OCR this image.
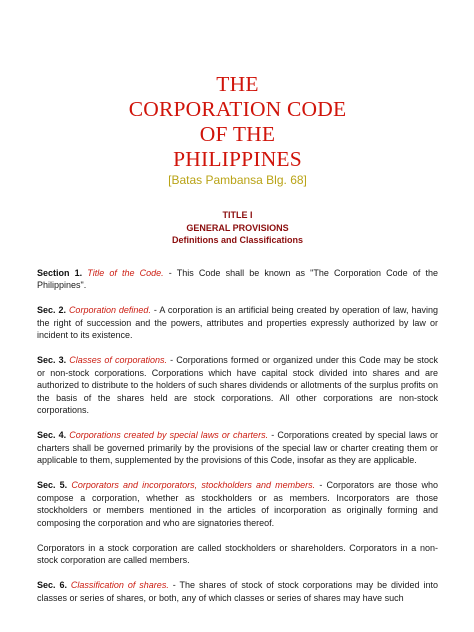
THE
CORPORATION CODE
OF THE
PHILIPPINES
[Batas Pambansa Blg. 68]
TITLE I
GENERAL PROVISIONS
Definitions and Classifications

Section 1. Title of the Code. - This Code shall be known as "The Corporation Code of the Philippines".

Sec. 2. Corporation defined. - A corporation is an artificial being created by operation of law, having the right of succession and the powers, attributes and properties expressly authorized by law or incident to its existence.

Sec. 3. Classes of corporations. - Corporations formed or organized under this Code may be stock or non-stock corporations. Corporations which have capital stock divided into shares and are authorized to distribute to the holders of such shares dividends or allotments of the surplus profits on the basis of the shares held are stock corporations. All other corporations are non-stock corporations.

Sec. 4. Corporations created by special laws or charters. - Corporations created by special laws or charters shall be governed primarily by the provisions of the special law or charter creating them or applicable to them, supplemented by the provisions of this Code, insofar as they are applicable.

Sec. 5. Corporators and incorporators, stockholders and members. - Corporators are those who compose a corporation, whether as stockholders or as members. Incorporators are those stockholders or members mentioned in the articles of incorporation as originally forming and composing the corporation and who are signatories thereof.

Corporators in a stock corporation are called stockholders or shareholders. Corporators in a non-stock corporation are called members.

Sec. 6. Classification of shares. - The shares of stock of stock corporations may be divided into classes or series of shares, or both, any of which classes or series of shares may have such
